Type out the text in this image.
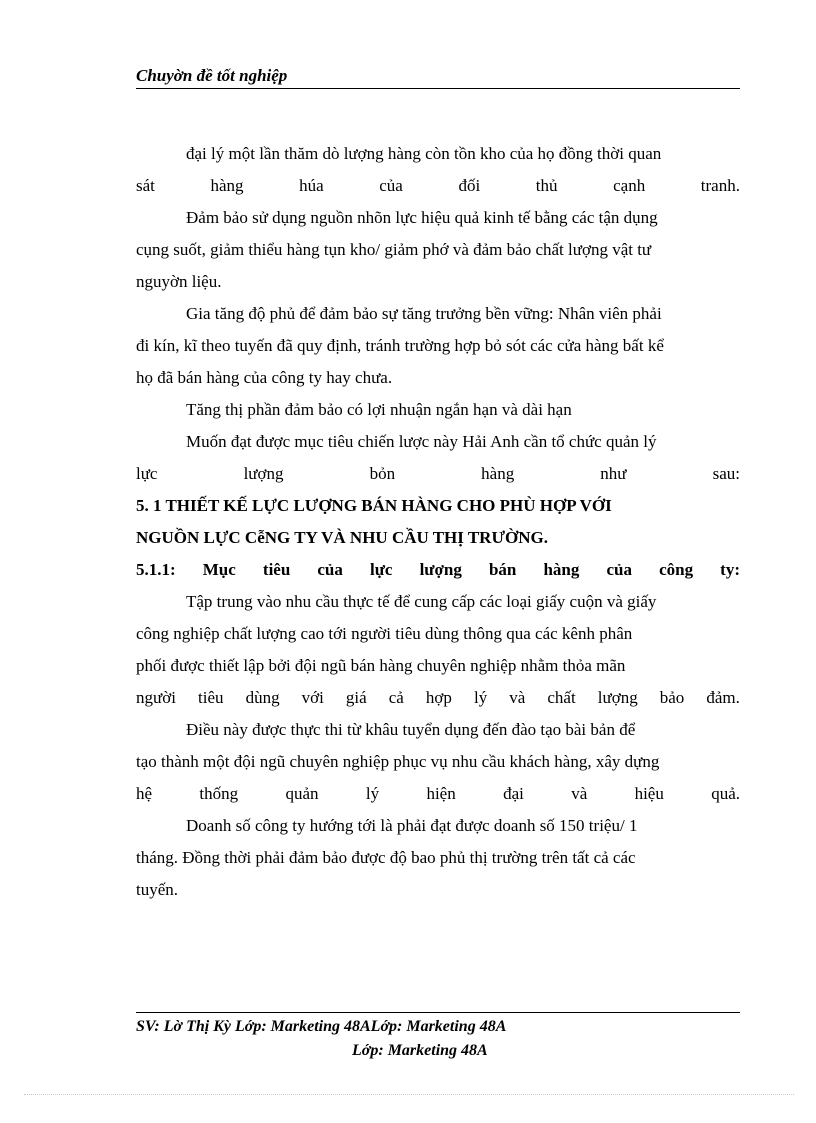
Chuyờn đề tốt nghiệp
đại lý một lần thăm dò lượng hàng còn tồn kho của họ đồng thời quan
sát	hàng	húa	của	đối	thủ	cạnh	tranh.
Đảm bảo sử dụng nguồn nhõn lực hiệu quả kinh tế bằng các tận dụng
cụng suốt, giảm thiểu hàng tụn kho/ giảm phớ và đảm bảo chất lượng vật tư
nguyờn liệu.
Gia tăng độ phủ để đảm bảo sự tăng trưởng bền vững: Nhân viên phải
đi kín, kĩ theo tuyến đã quy định, tránh trường hợp bỏ sót các cửa hàng bất kể
họ đã bán hàng của công ty hay chưa.
Tăng thị phần đảm bảo có lợi nhuận ngắn hạn và dài hạn
Muốn đạt được mục tiêu chiến lược này Hải Anh cần tổ chức quản lý
lực	lượng	bỏn	hàng	như	sau:
5. 1 THIẾT KẾ LỰC LƯỢNG BÁN HÀNG CHO PHÙ HỢP VỚI
NGUỒN LỰC CễNG TY VÀ NHU CẦU THỊ TRƯỜNG.
5.1.1: Mục tiêu của lực lượng bán hàng của công ty:
Tập trung vào nhu cầu thực tế để cung cấp các loại giấy cuộn và giấy
công nghiệp chất lượng cao tới người tiêu dùng thông qua các kênh phân
phối được thiết lập bởi đội ngũ bán hàng chuyên nghiệp nhằm thỏa mãn
người tiêu dùng với giá cả hợp lý và chất lượng bảo đảm.
Điều này được thực thi từ khâu tuyển dụng đến đào tạo bài bản để
tạo thành một đội ngũ chuyên nghiệp phục vụ nhu cầu khách hàng, xây dựng
hệ	thống	quản	lý	hiện	đại	và	hiệu	quả.
Doanh số công ty hướng tới là phải đạt được doanh số 150 triệu/ 1
tháng. Đồng thời phải đảm bảo được độ bao phủ thị trường trên tất cả các
tuyến.
SV: Lờ Thị Kỳ Lớp: Marketing 48ALớp: Marketing 48A
Lớp: Marketing 48A
